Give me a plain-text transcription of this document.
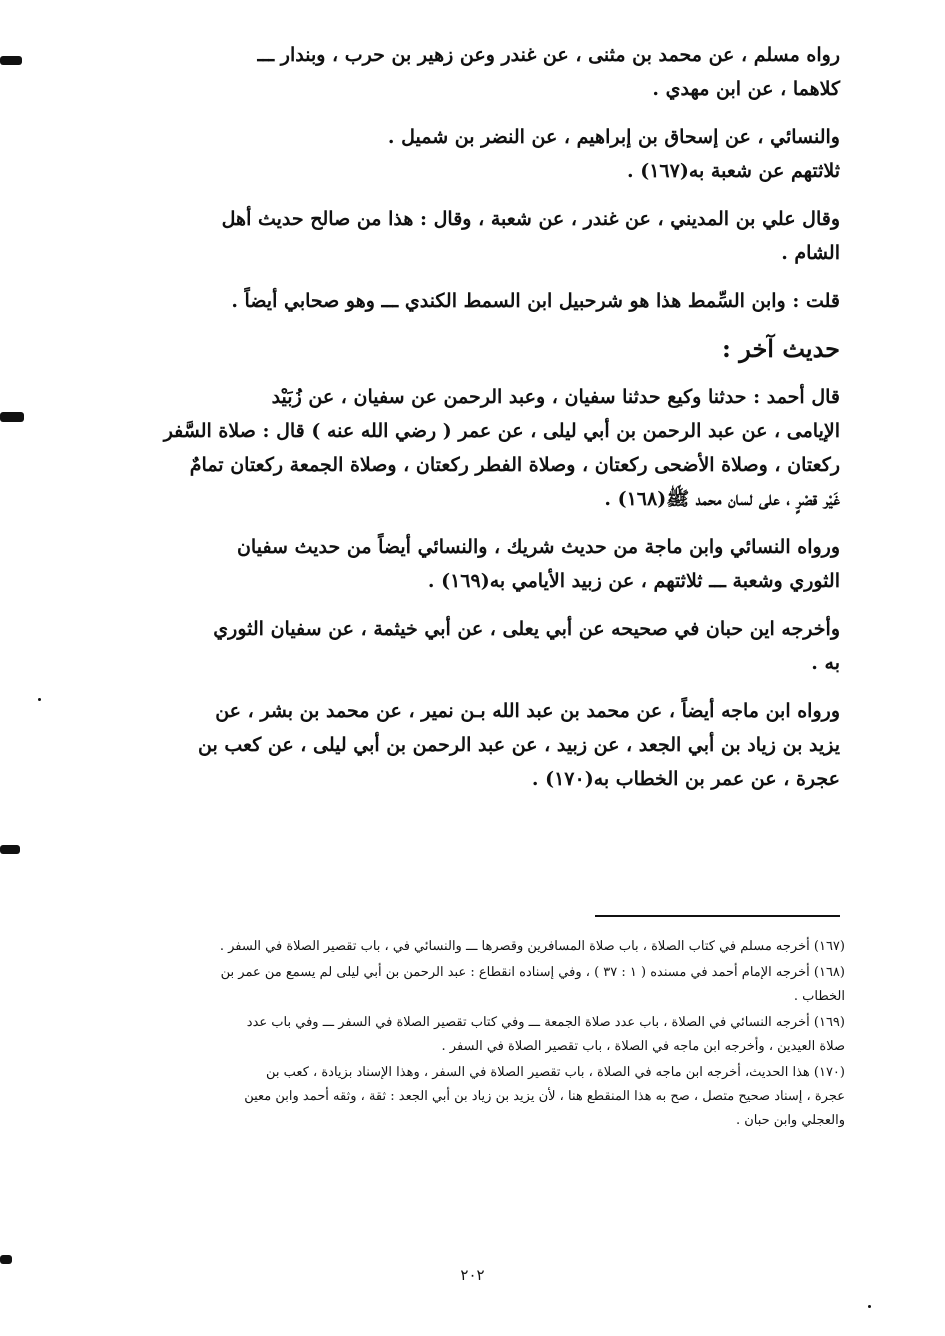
رواه مسلم ، عن محمد بن مثنى ، عن غندر وعن زهير بن حرب ، وبندار ـــ
كلاهما ، عن ابن مهدي .
والنسائي ، عن إسحاق بن إبراهيم ، عن النضر بن شميل .
ثلاثتهم عن شعبة به(١٦٧) .
وقال علي بن المديني ، عن غندر ، عن شعبة ، وقال : هذا من صالح حديث أهل
الشام .
قلت : وابن السِّمط هذا هو شرحبيل ابن السمط الكندي ـــ وهو صحابي أيضاً .
حديث آخر :
قال أحمد : حدثنا وكيع حدثنا سفيان ، وعبد الرحمن عن سفيان ، عن زُبَيْد
الإيامى ، عن عبد الرحمن بن أبي ليلى ، عن عمر ( رضي الله عنه ) قال : صلاة السَّفر
ركعتان ، وصلاة الأضحى ركعتان ، وصلاة الفطر ركعتان ، وصلاة الجمعة ركعتان تمامٌ
غَيْر قصْرٍ ، على لسان محمد ﷺ(١٦٨) .
ورواه النسائي وابن ماجة من حديث شريك ، والنسائي أيضاً من حديث سفيان
الثوري وشعبة ـــ ثلاثتهم ، عن زبيد الأيامي به(١٦٩) .
وأخرجه اين حبان في صحيحه عن أبي يعلى ، عن أبي خيثمة ، عن سفيان الثوري
به .
ورواه ابن ماجه أيضاً ، عن محمد بن عبد الله بـن نمير ، عن محمد بن بشر ، عن
يزيد بن زياد بن أبي الجعد ، عن زبيد ، عن عبد الرحمن بن أبي ليلى ، عن كعب بن
عجرة ، عن عمر بن الخطاب به(١٧٠) .
(١٦٧) أخرجه مسلم في كتاب الصلاة ، باب صلاة المسافرين وقصرها ـــ والنسائي في ، باب تقصير الصلاة في السفر .
(١٦٨) أخرجه الإمام أحمد في مسنده ( ١ : ٣٧ ) ، وفي إسناده انقطاع : عبد الرحمن بن أبي ليلى لم يسمع من عمر بن
الخطاب .
(١٦٩) أخرجه النسائي في الصلاة ، باب عدد صلاة الجمعة ـــ وفي كتاب تقصير الصلاة في السفر ـــ وفي باب عدد
صلاة العيدين ، وأخرجه ابن ماجه في الصلاة ، باب تقصير الصلاة في السفر .
(١٧٠) هذا الحديث، أخرجه ابن ماجه في الصلاة ، باب تقصير الصلاة في السفر ، وهذا الإسناد بزيادة ، كعب بن
عجرة ، إسناد صحيح متصل ، صح به هذا المنقطع هنا ، لأن يزيد بن زياد بن أبي الجعد : ثقة ، وثقه أحمد وابن معين
والعجلي وابن حبان .
٢٠٢
